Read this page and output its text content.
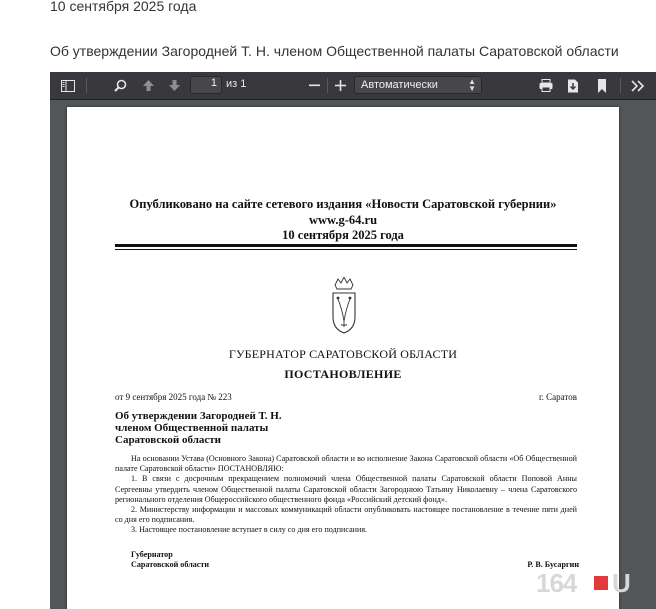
10 сентября 2025 года
Об утверждении Загородней Т. Н. членом Общественной палаты Саратовской области
1 из 1	Автоматически	▲
▼
Опубликовано на сайте сетевого издания «Новости Саратовской губернии»
www.g-64.ru
10 сентября 2025 года
ГУБЕРНАТОР САРАТОВСКОЙ ОБЛАСТИ
ПОСТАНОВЛЕНИЕ
от 9 сентября 2025 года № 223	г. Саратов
Об утверждении Загородней Т. Н.
членом Общественной палаты
Саратовской области

На основании Устава (Основного Закона) Саратовской области и во исполнение Закона Саратовской области «Об Общественной палате Саратовской области» ПОСТАНОВЛЯЮ:

1. В связи с досрочным прекращением полномочий члена Общественной палаты Саратовской области Поповой Анны Сергеевны утвердить членом Общественной палаты Саратовской области Загороднюю Татьяну Николаевну – члена Саратовского регионального отделения Общероссийского общественного фонда «Российский детский фонд».

2. Министерству информации и массовых коммуникаций области опубликовать настоящее постановление в течение пяти дней со дня его подписания.

3. Настоящее постановление вступает в силу со дня его подписания.

Губернатор
Саратовской области	Р. В. Бусаргин
164 U
